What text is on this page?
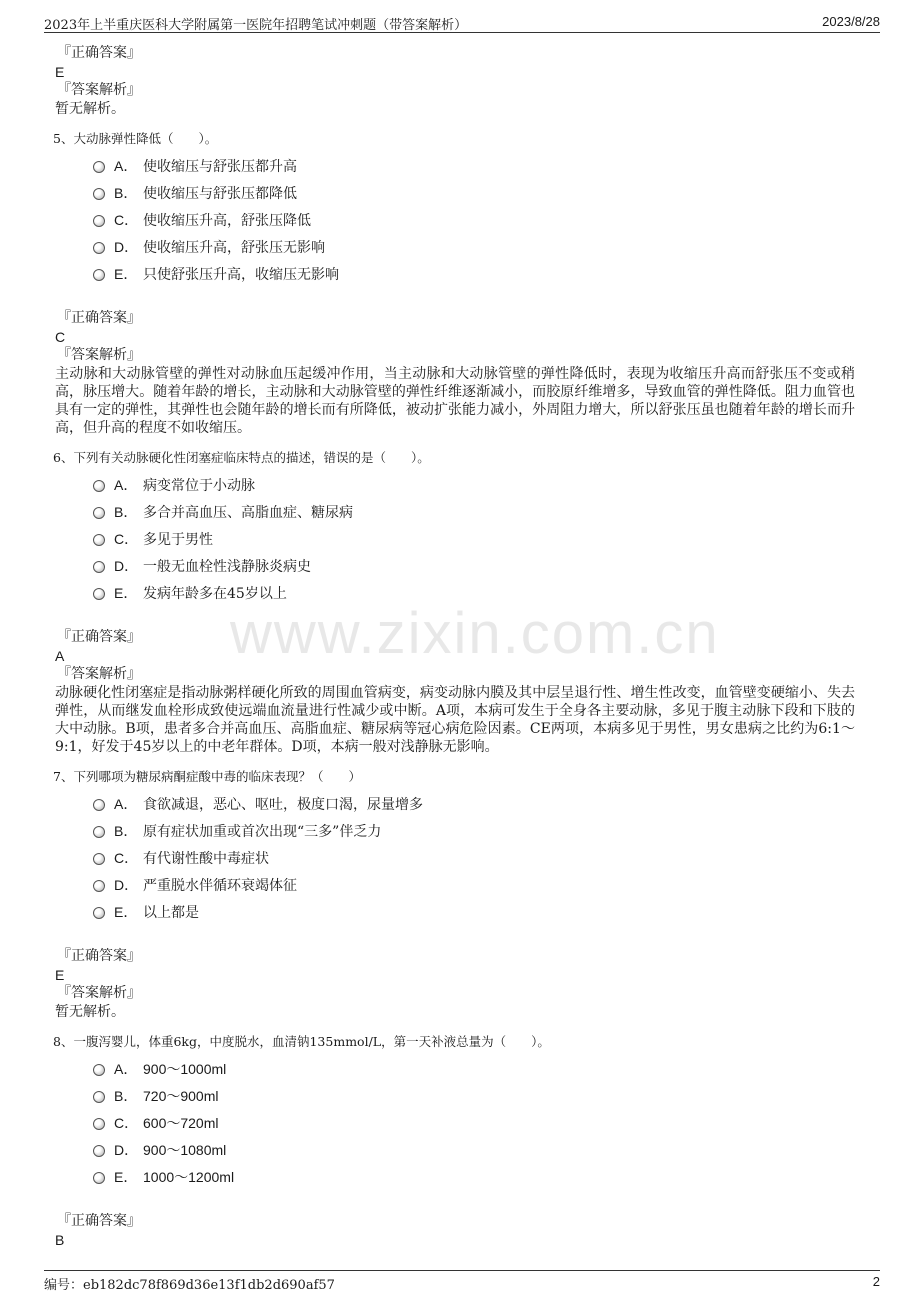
2023年上半重庆医科大学附属第一医院年招聘笔试冲刺题（带答案解析）	2023/8/28
www.zixin.com.cn
『正确答案』
E
『答案解析』
暂无解析。
5、大动脉弹性降低（　　）。
A． 使收缩压与舒张压都升高
B． 使收缩压与舒张压都降低
C． 使收缩压升高，舒张压降低
D． 使收缩压升高，舒张压无影响
E． 只使舒张压升高，收缩压无影响
『正确答案』
C
『答案解析』
主动脉和大动脉管壁的弹性对动脉血压起缓冲作用，当主动脉和大动脉管壁的弹性降低时，表现为收缩压升高而舒张压不变或稍高，脉压增大。随着年龄的增长，主动脉和大动脉管壁的弹性纤维逐渐减小，而胶原纤维增多，导致血管的弹性降低。阻力血管也具有一定的弹性，其弹性也会随年龄的增长而有所降低，被动扩张能力减小，外周阻力增大，所以舒张压虽也随着年龄的增长而升高，但升高的程度不如收缩压。
6、下列有关动脉硬化性闭塞症临床特点的描述，错误的是（　　）。
A． 病变常位于小动脉
B． 多合并高血压、高脂血症、糖尿病
C． 多见于男性
D． 一般无血栓性浅静脉炎病史
E． 发病年龄多在45岁以上
『正确答案』
A
『答案解析』
动脉硬化性闭塞症是指动脉粥样硬化所致的周围血管病变，病变动脉内膜及其中层呈退行性、增生性改变，血管壁变硬缩小、失去弹性，从而继发血栓形成致使远端血流量进行性减少或中断。A项，本病可发生于全身各主要动脉，多见于腹主动脉下段和下肢的大中动脉。B项，患者多合并高血压、高脂血症、糖尿病等冠心病危险因素。CE两项，本病多见于男性，男女患病之比约为6:1～9:1，好发于45岁以上的中老年群体。D项，本病一般对浅静脉无影响。
7、下列哪项为糖尿病酮症酸中毒的临床表现？（　　）
A． 食欲减退，恶心、呕吐，极度口渴，尿量增多
B． 原有症状加重或首次出现“三多”伴乏力
C． 有代谢性酸中毒症状
D． 严重脱水伴循环衰竭体征
E． 以上都是
『正确答案』
E
『答案解析』
暂无解析。
8、一腹泻婴儿，体重6kg，中度脱水，血清钠135mmol/L，第一天补液总量为（　　）。
A． 900～1000ml
B． 720～900ml
C． 600～720ml
D． 900～1080ml
E． 1000～1200ml
『正确答案』
B
编号：eb182dc78f869d36e13f1db2d690af57	2
